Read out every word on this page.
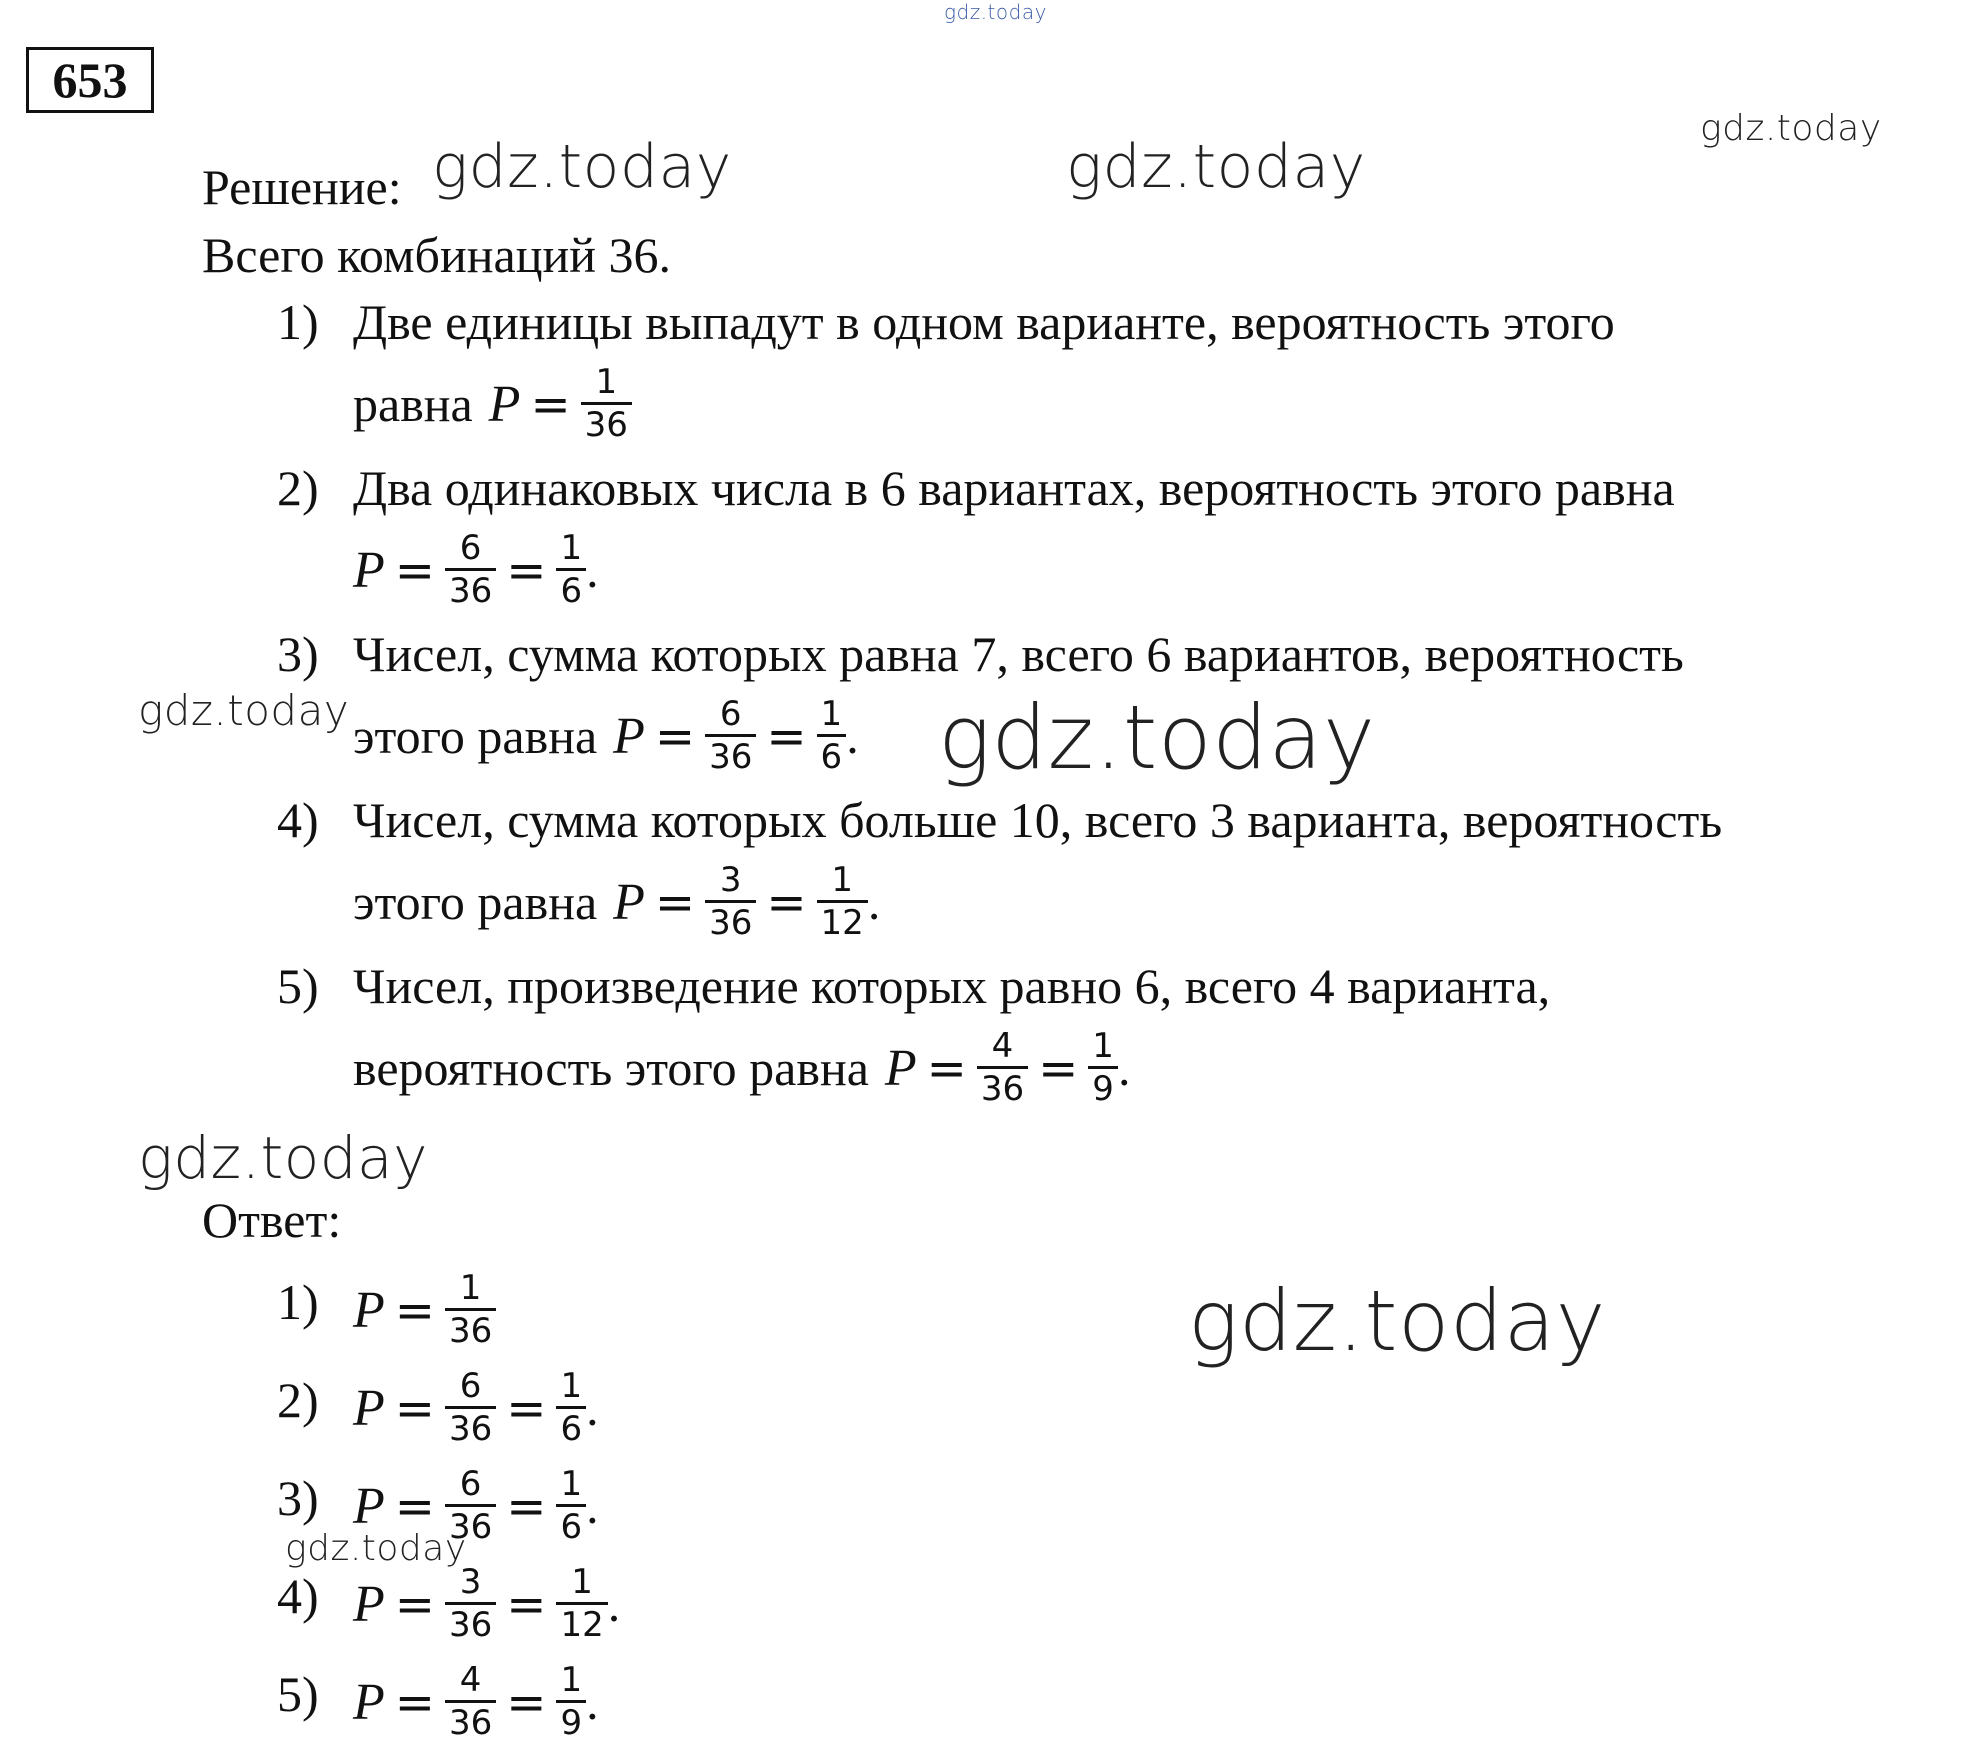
gdz.today
gdz.today
gdz.today	gdz.today
gdz.today	gdz.today
gdz.today
gdz.today
gdz.today
653
Решение:
Всего комбинаций 36.
1) Две единицы выпадут в одном варианте, вероятность этого
равна $P = \frac{1}{36}$
2) Два одинаковых числа в 6 вариантах, вероятность этого равна
$P = \frac{6}{36} = \frac{1}{6}$ .
3) Чисел, сумма которых равна 7, всего 6 вариантов, вероятность
этого равна $P = \frac{6}{36} = \frac{1}{6}$ .
4) Чисел, сумма которых больше 10, всего 3 варианта, вероятность
этого равна $P = \frac{3}{36} = \frac{1}{12}$ .
5) Чисел, произведение которых равно 6, всего 4 варианта,
вероятность этого равна $P = \frac{4}{36} = \frac{1}{9}$ .
Ответ:
1) $P = \frac{1}{36}$
2) $P = \frac{6}{36} = \frac{1}{6}$ .
3) $P = \frac{6}{36} = \frac{1}{6}$ .
4) $P = \frac{3}{36} = \frac{1}{12}$ .
5) $P = \frac{4}{36} = \frac{1}{9}$ .
